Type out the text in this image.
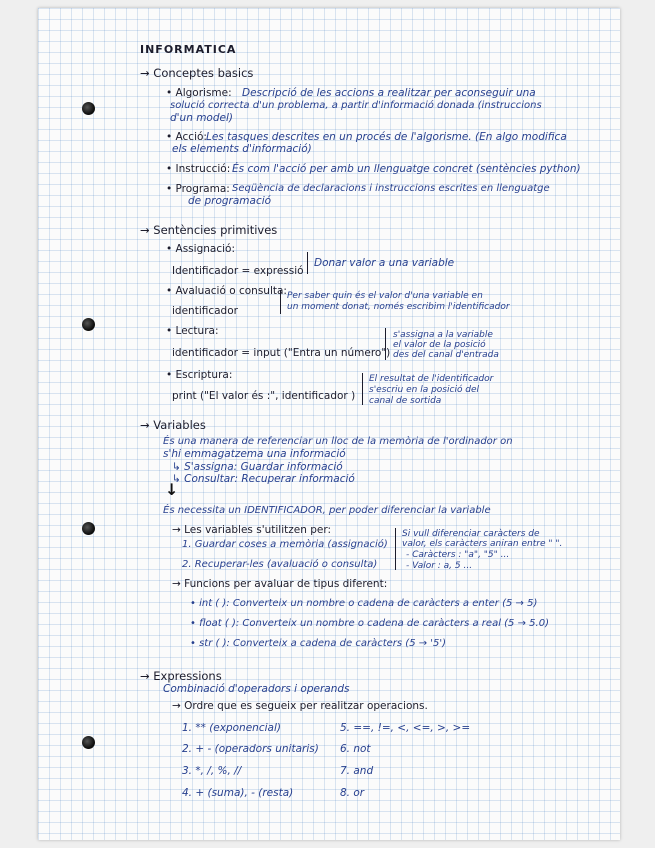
INFORMATICA
→ Conceptes basics
• Algorisme: Descripció de les accions a realitzar per aconseguir una
solució correcta d'un problema, a partir d'informació donada (instruccions
d'un model)
• Acció: Les tasques descrites en un procés de l'algorisme. (En algo modifica
els elements d'informació)
• Instrucció: És com l'acció per amb un llenguatge concret (sentències python)
• Programa: Seqüència de declaracions i instruccions escrites en llenguatge
de programació
→ Sentències primitives
• Assignació:
Identificador = expressió
Donar valor a una variable
• Avaluació o consulta:
identificador
Per saber quin és el valor d'una variable en
un moment donat, només escribim l'identificador
• Lectura:
identificador = input ("Entra un número")
s'assigna a la variable
el valor de la posició
des del canal d'entrada
• Escriptura:
print ("El valor és :", identificador )
El resultat de l'identificador
s'escriu en la posició del
canal de sortida
→ Variables
És una manera de referenciar un lloc de la memòria de l'ordinador on
s'hi emmagatzema una informació
↳ S'assigna: Guardar informació
↳ Consultar: Recuperar informació
↓
És necessita un IDENTIFICADOR, per poder diferenciar la variable
→ Les variables s'utilitzen per:
1. Guardar coses a memòria (assignació)
2. Recuperar-les (avaluació o consulta)
Si vull diferenciar caràcters de
valor, els caràcters aniran entre " ".
- Caràcters : "a", "5" ...
- Valor : a, 5 ...
→ Funcions per avaluar de tipus diferent:
• int ( ): Converteix un nombre o cadena de caràcters a enter (5 → 5)
• float ( ): Converteix un nombre o cadena de caràcters a real (5 → 5.0)
• str ( ): Converteix a cadena de caràcters (5 → '5')
→ Expressions
Combinació d'operadors i operands
→ Ordre que es segueix per realitzar operacions.
1. ** (exponencial)
2. + - (operadors unitaris)
3. *, /, %, //
4. + (suma), - (resta)
5. ==, !=, <, <=, >, >=
6. not
7. and
8. or
